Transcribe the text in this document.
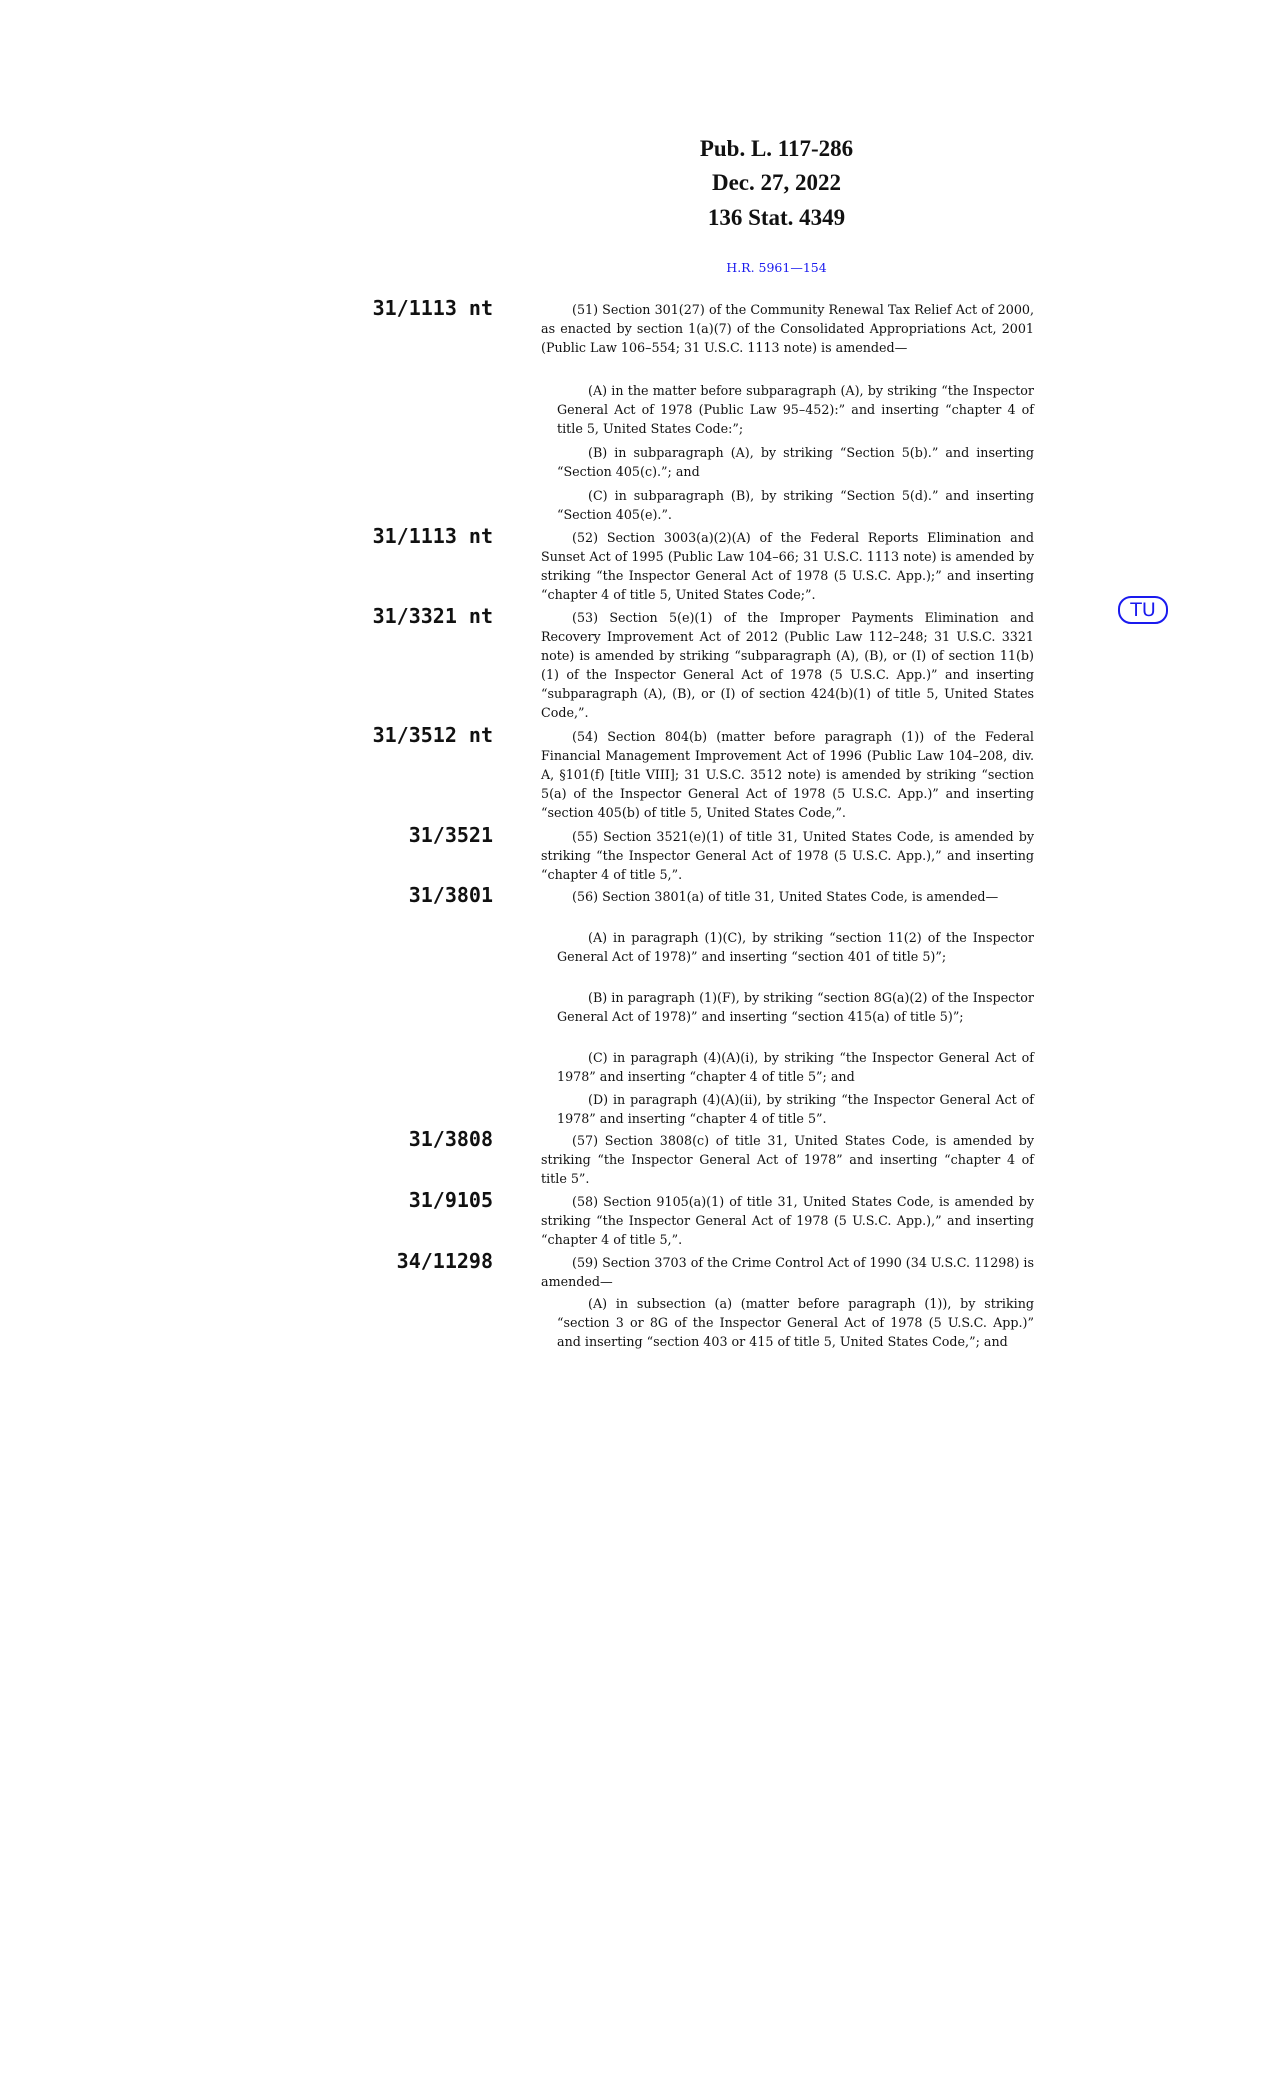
Pub. L. 117-286
Dec. 27, 2022
136 Stat. 4349
H.R. 5961—154
TU
31/1113 nt	(51) Section 301(27) of the Community Renewal Tax Relief Act of 2000, as enacted by section 1(a)(7) of the Consolidated Appropriations Act, 2001 (Public Law 106–554; 31 U.S.C. 1113 note) is amended—
(A) in the matter before subparagraph (A), by striking “the Inspector General Act of 1978 (Public Law 95–452):” and inserting “chapter 4 of title 5, United States Code:”;
(B) in subparagraph (A), by striking “Section 5(b).” and inserting “Section 405(c).”; and
(C) in subparagraph (B), by striking “Section 5(d).” and inserting “Section 405(e).”.
31/1113 nt	(52) Section 3003(a)(2)(A) of the Federal Reports Elimination and Sunset Act of 1995 (Public Law 104–66; 31 U.S.C. 1113 note) is amended by striking “the Inspector General Act of 1978 (5 U.S.C. App.);” and inserting “chapter 4 of title 5, United States Code;”.
31/3321 nt	(53) Section 5(e)(1) of the Improper Payments Elimination and Recovery Improvement Act of 2012 (Public Law 112–248; 31 U.S.C. 3321 note) is amended by striking “subparagraph (A), (B), or (I) of section 11(b)(1) of the Inspector General Act of 1978 (5 U.S.C. App.)” and inserting “subparagraph (A), (B), or (I) of section 424(b)(1) of title 5, United States Code,”.
31/3512 nt	(54) Section 804(b) (matter before paragraph (1)) of the Federal Financial Management Improvement Act of 1996 (Public Law 104–208, div. A, §101(f) [title VIII]; 31 U.S.C. 3512 note) is amended by striking “section 5(a) of the Inspector General Act of 1978 (5 U.S.C. App.)” and inserting “section 405(b) of title 5, United States Code,”.
31/3521	(55) Section 3521(e)(1) of title 31, United States Code, is amended by striking “the Inspector General Act of 1978 (5 U.S.C. App.),” and inserting “chapter 4 of title 5,”.
31/3801	(56) Section 3801(a) of title 31, United States Code, is amended—
(A) in paragraph (1)(C), by striking “section 11(2) of the Inspector General Act of 1978)” and inserting “section 401 of title 5)”;
(B) in paragraph (1)(F), by striking “section 8G(a)(2) of the Inspector General Act of 1978)” and inserting “section 415(a) of title 5)”;
(C) in paragraph (4)(A)(i), by striking “the Inspector General Act of 1978” and inserting “chapter 4 of title 5”; and
(D) in paragraph (4)(A)(ii), by striking “the Inspector General Act of 1978” and inserting “chapter 4 of title 5”.
31/3808	(57) Section 3808(c) of title 31, United States Code, is amended by striking “the Inspector General Act of 1978” and inserting “chapter 4 of title 5”.
31/9105	(58) Section 9105(a)(1) of title 31, United States Code, is amended by striking “the Inspector General Act of 1978 (5 U.S.C. App.),” and inserting “chapter 4 of title 5,”.
34/11298	(59) Section 3703 of the Crime Control Act of 1990 (34 U.S.C. 11298) is amended—
(A) in subsection (a) (matter before paragraph (1)), by striking “section 3 or 8G of the Inspector General Act of 1978 (5 U.S.C. App.)” and inserting “section 403 or 415 of title 5, United States Code,”; and
